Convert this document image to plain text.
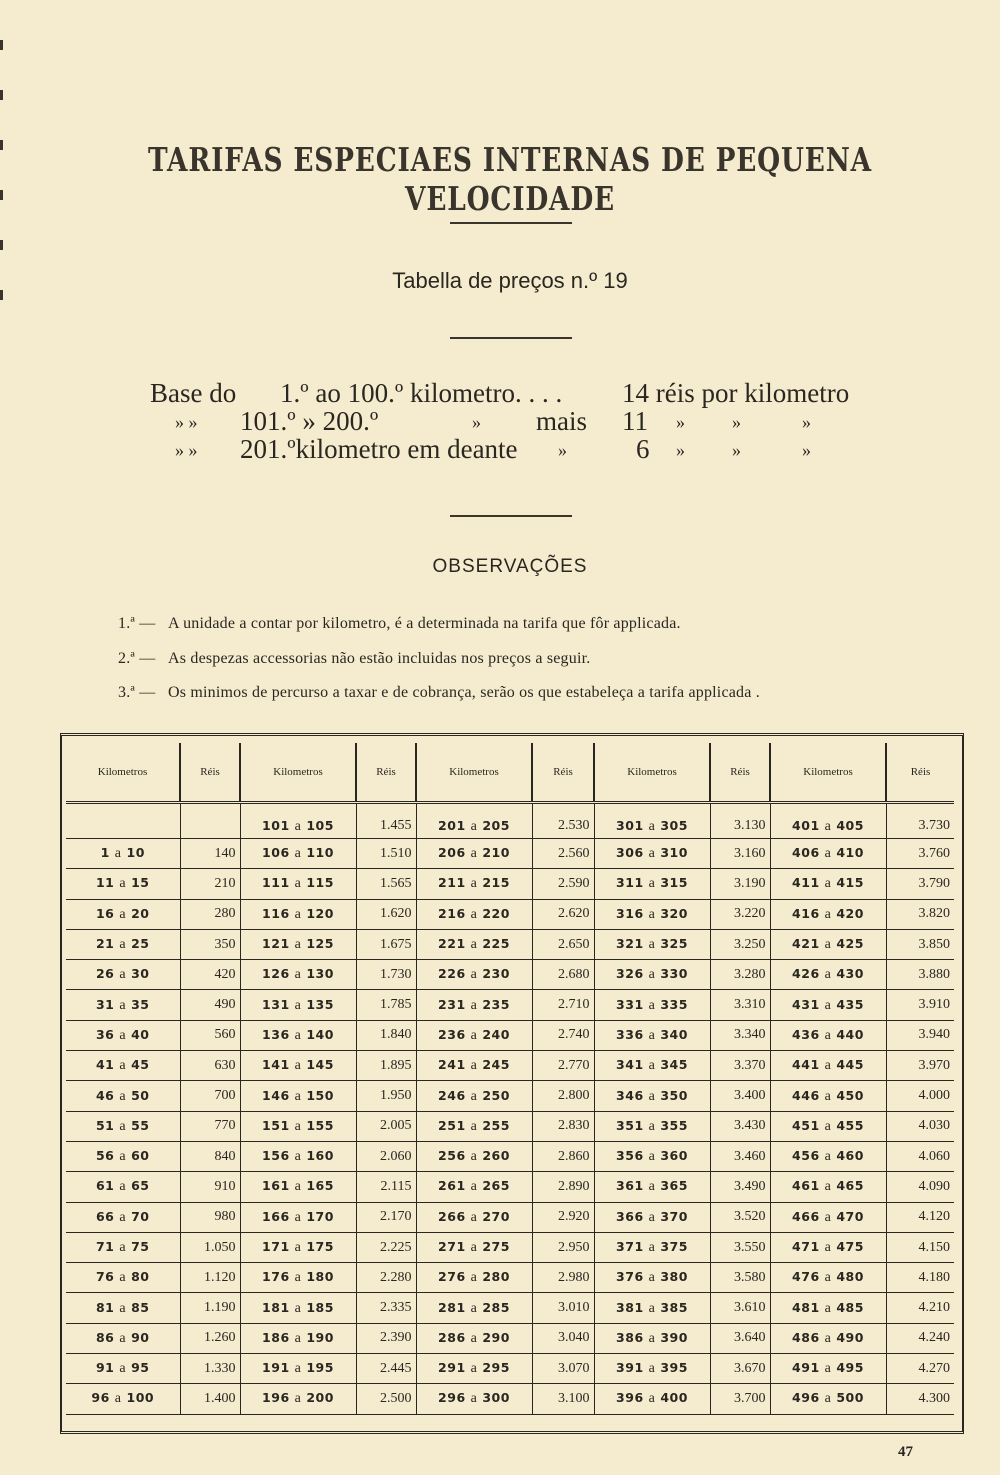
TARIFAS ESPECIAES INTERNAS DE PEQUENA VELOCIDADE
Tabella de preços n.º 19
Base do 1.º ao 100.º kilometro. . . . 14 réis por kilometro
» » 101.º » 200.º	» mais 11 »	»	»
» » 201.ºkilometro em deante »	6 »	»	»
OBSERVAÇÕES
1.ª — A unidade a contar por kilometro, é a determinada na tarifa que fôr applicada.
2.ª — As despezas accessorias não estão incluidas nos preços a seguir.
3.ª — Os minimos de percurso a taxar e de cobrança, serão os que estabeleça a tarifa applicada .
Kilometros	Réis	Kilometros	Réis	Kilometros	Réis	Kilometros	Réis	Kilometros	Réis
		101 a 105	1.455	201 a 205	2.530	301 a 305	3.130	401 a 405	3.730
1 a 10	140	106 a 110	1.510	206 a 210	2.560	306 a 310	3.160	406 a 410	3.760
11 a 15	210	111 a 115	1.565	211 a 215	2.590	311 a 315	3.190	411 a 415	3.790
16 a 20	280	116 a 120	1.620	216 a 220	2.620	316 a 320	3.220	416 a 420	3.820
21 a 25	350	121 a 125	1.675	221 a 225	2.650	321 a 325	3.250	421 a 425	3.850
26 a 30	420	126 a 130	1.730	226 a 230	2.680	326 a 330	3.280	426 a 430	3.880
31 a 35	490	131 a 135	1.785	231 a 235	2.710	331 a 335	3.310	431 a 435	3.910
36 a 40	560	136 a 140	1.840	236 a 240	2.740	336 a 340	3.340	436 a 440	3.940
41 a 45	630	141 a 145	1.895	241 a 245	2.770	341 a 345	3.370	441 a 445	3.970
46 a 50	700	146 a 150	1.950	246 a 250	2.800	346 a 350	3.400	446 a 450	4.000
51 a 55	770	151 a 155	2.005	251 a 255	2.830	351 a 355	3.430	451 a 455	4.030
56 a 60	840	156 a 160	2.060	256 a 260	2.860	356 a 360	3.460	456 a 460	4.060
61 a 65	910	161 a 165	2.115	261 a 265	2.890	361 a 365	3.490	461 a 465	4.090
66 a 70	980	166 a 170	2.170	266 a 270	2.920	366 a 370	3.520	466 a 470	4.120
71 a 75	1.050	171 a 175	2.225	271 a 275	2.950	371 a 375	3.550	471 a 475	4.150
76 a 80	1.120	176 a 180	2.280	276 a 280	2.980	376 a 380	3.580	476 a 480	4.180
81 a 85	1.190	181 a 185	2.335	281 a 285	3.010	381 a 385	3.610	481 a 485	4.210
86 a 90	1.260	186 a 190	2.390	286 a 290	3.040	386 a 390	3.640	486 a 490	4.240
91 a 95	1.330	191 a 195	2.445	291 a 295	3.070	391 a 395	3.670	491 a 495	4.270
96 a 100	1.400	196 a 200	2.500	296 a 300	3.100	396 a 400	3.700	496 a 500	4.300
47
